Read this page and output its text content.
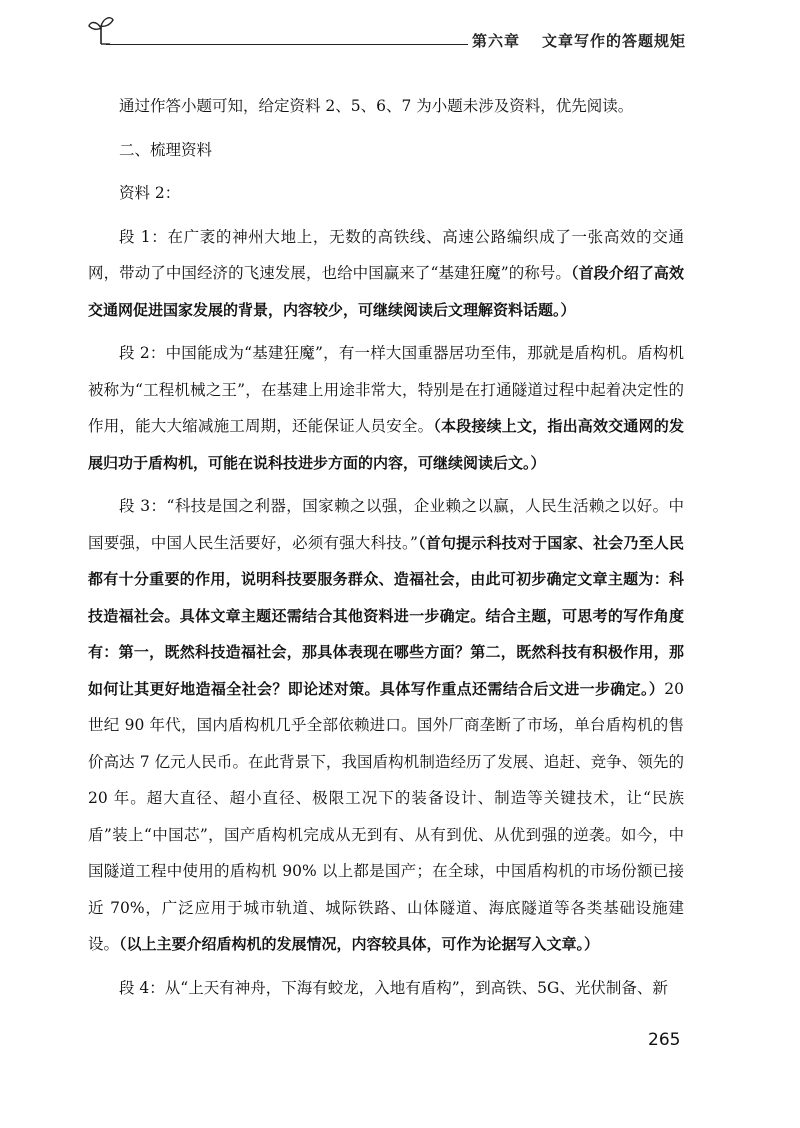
第六章 文章写作的答题规矩

通过作答小题可知，给定资料 2、5、6、7 为小题未涉及资料，优先阅读。

二、梳理资料

资料 2：

段 1：在广袤的神州大地上，无数的高铁线、高速公路编织成了一张高效的交通网，带动了中国经济的飞速发展，也给中国赢来了“基建狂魔”的称号。（首段介绍了高效交通网促进国家发展的背景，内容较少，可继续阅读后文理解资料话题。）

段 2：中国能成为“基建狂魔”，有一样大国重器居功至伟，那就是盾构机。盾构机被称为“工程机械之王”，在基建上用途非常大，特别是在打通隧道过程中起着决定性的作用，能大大缩减施工周期，还能保证人员安全。（本段接续上文，指出高效交通网的发展归功于盾构机，可能在说科技进步方面的内容，可继续阅读后文。）

段 3：“科技是国之利器，国家赖之以强，企业赖之以赢，人民生活赖之以好。中国要强，中国人民生活要好，必须有强大科技。”（首句提示科技对于国家、社会乃至人民都有十分重要的作用，说明科技要服务群众、造福社会，由此可初步确定文章主题为：科技造福社会。具体文章主题还需结合其他资料进一步确定。结合主题，可思考的写作角度有：第一，既然科技造福社会，那具体表现在哪些方面？第二，既然科技有积极作用，那如何让其更好地造福全社会？即论述对策。具体写作重点还需结合后文进一步确定。）20 世纪 90 年代，国内盾构机几乎全部依赖进口。国外厂商垄断了市场，单台盾构机的售价高达 7 亿元人民币。在此背景下，我国盾构机制造经历了发展、追赶、竞争、领先的 20 年。超大直径、超小直径、极限工况下的装备设计、制造等关键技术，让“民族盾”装上“中国芯”，国产盾构机完成从无到有、从有到优、从优到强的逆袭。如今，中国隧道工程中使用的盾构机 90% 以上都是国产；在全球，中国盾构机的市场份额已接近 70%，广泛应用于城市轨道、城际铁路、山体隧道、海底隧道等各类基础设施建设。（以上主要介绍盾构机的发展情况，内容较具体，可作为论据写入文章。）

段 4：从“上天有神舟，下海有蛟龙，入地有盾构”，到高铁、5G、光伏制备、新

265
